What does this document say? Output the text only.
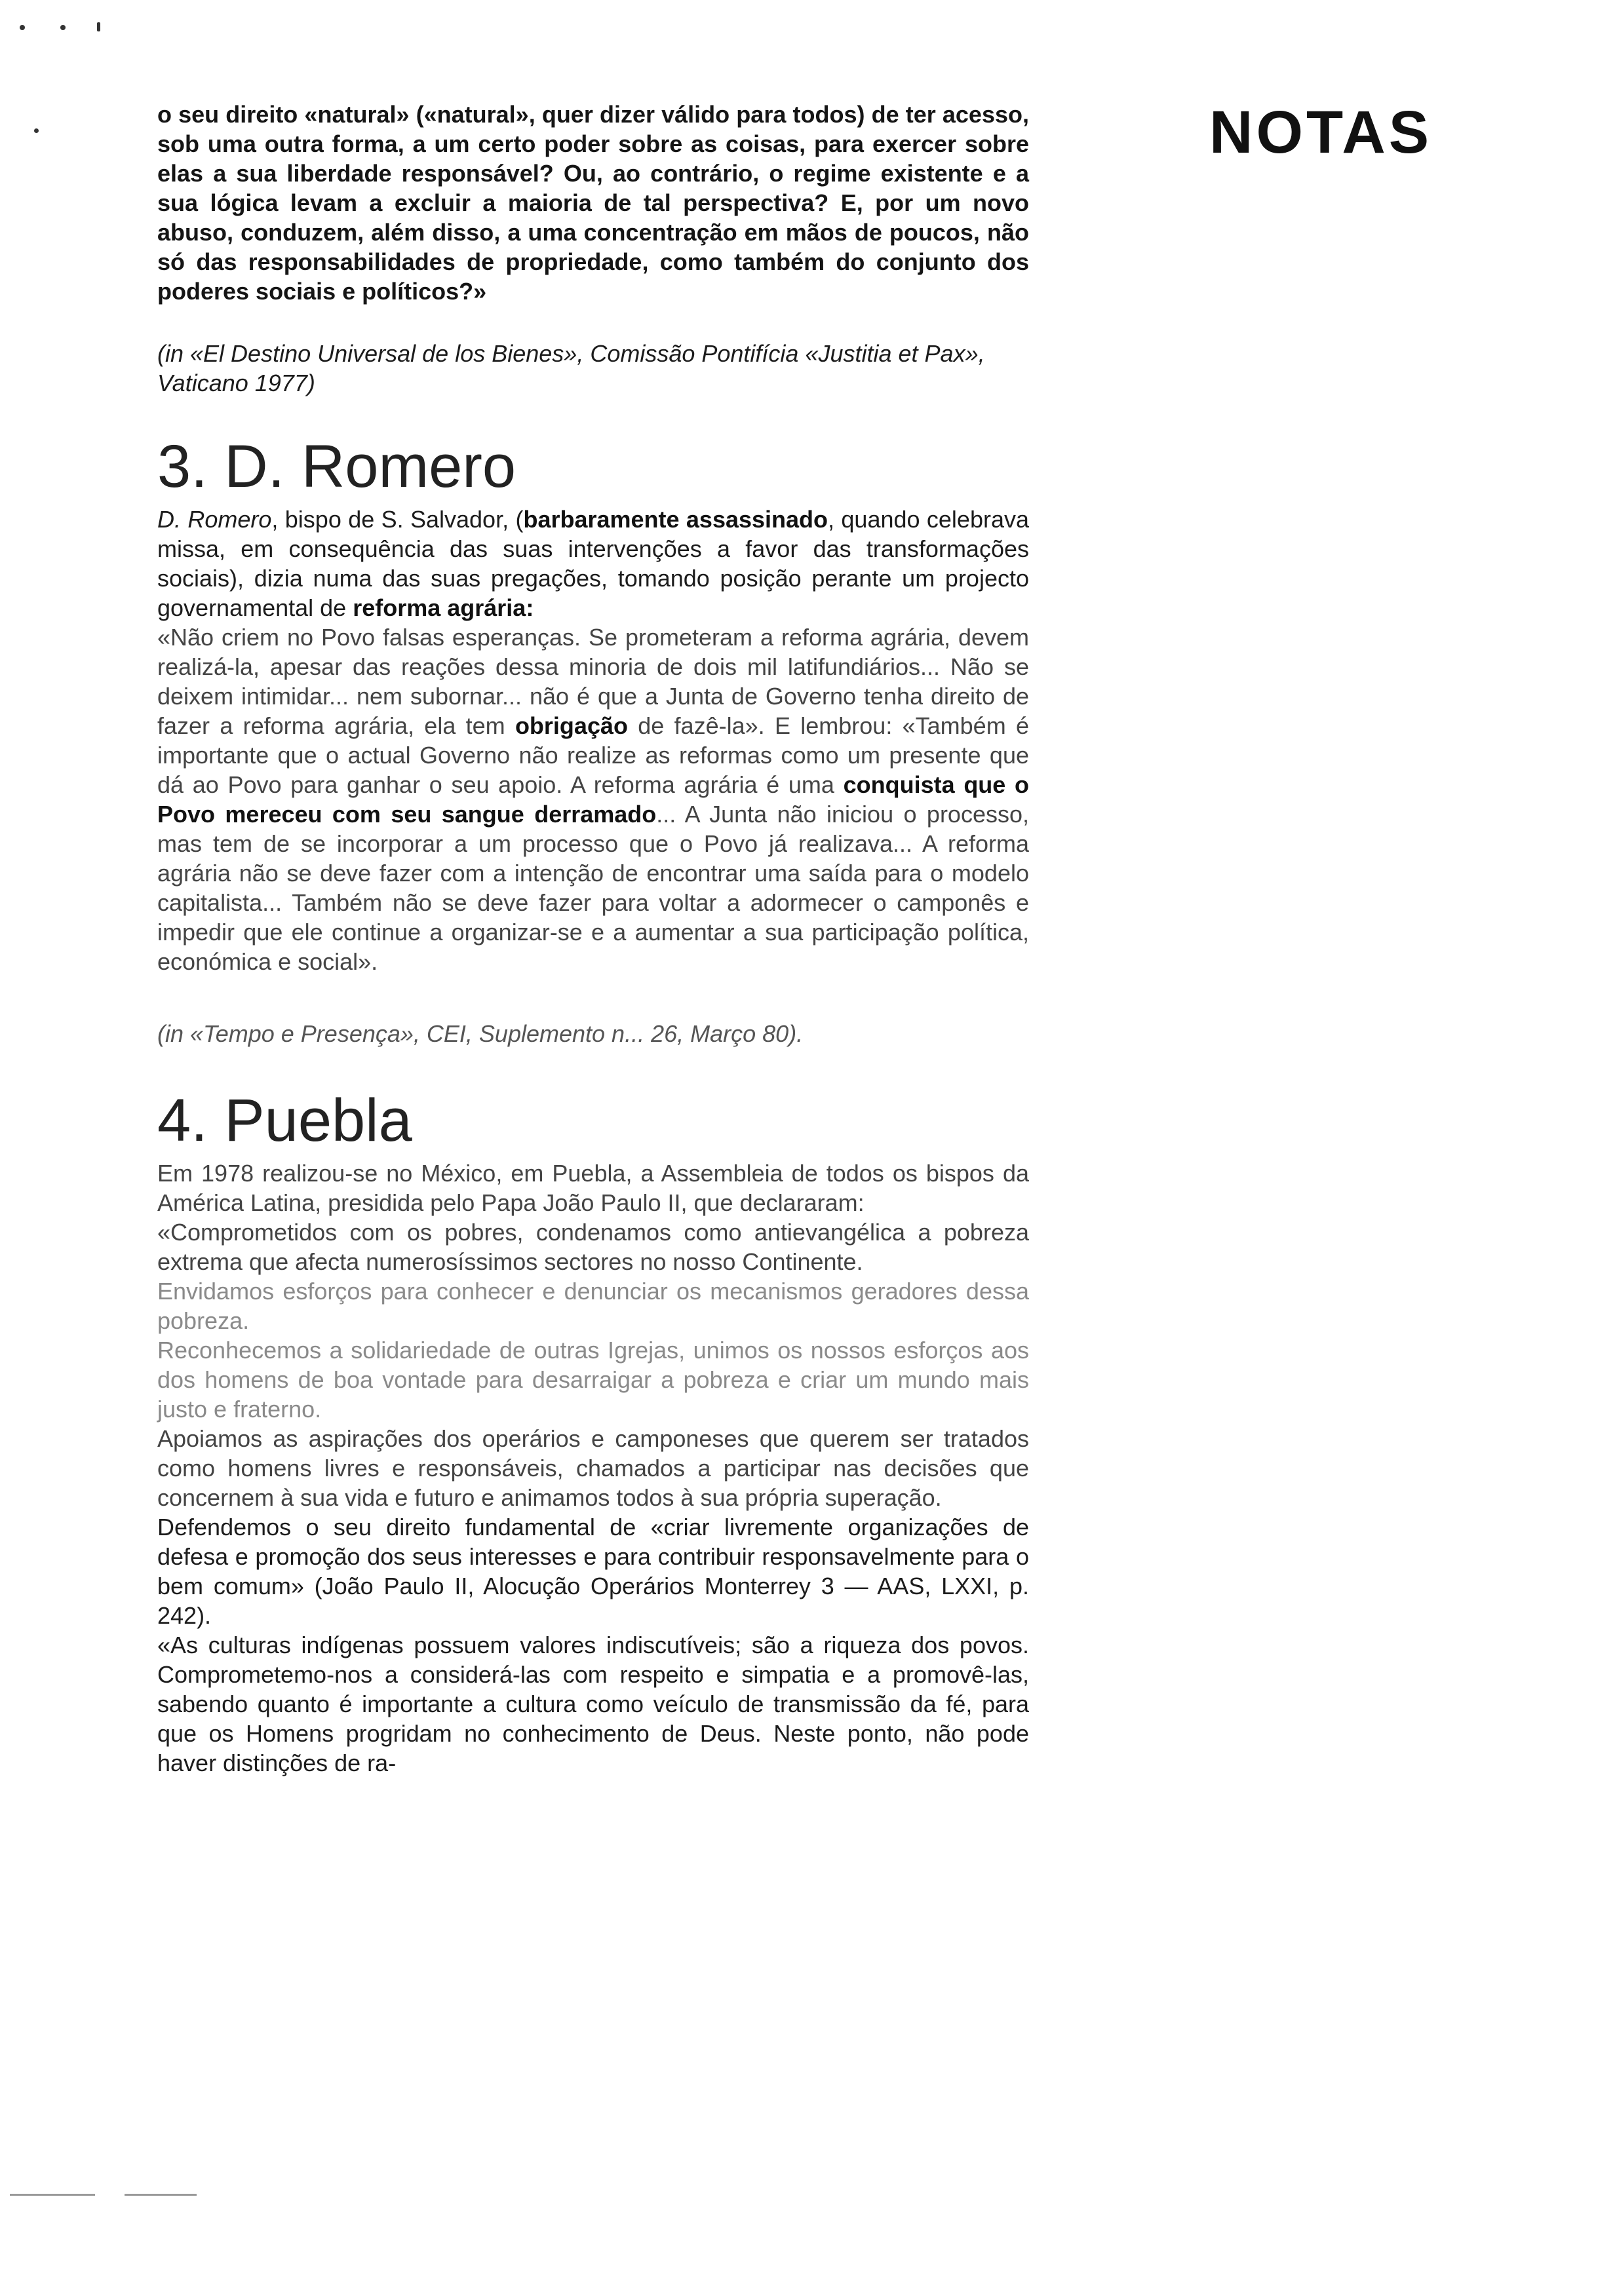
NOTAS

o seu direito «natural» («natural», quer dizer válido para todos) de ter acesso, sob uma outra forma, a um certo poder sobre as coisas, para exercer sobre elas a sua liberdade responsável? Ou, ao contrário, o regime existente e a sua lógica levam a excluir a maioria de tal perspectiva? E, por um novo abuso, conduzem, além disso, a uma concentração em mãos de poucos, não só das responsabilidades de propriedade, como também do conjunto dos poderes sociais e políticos?»

(in «El Destino Universal de los Bienes», Comissão Pontifícia «Justitia et Pax», Vaticano 1977)

3. D. Romero

D. Romero, bispo de S. Salvador, (barbaramente assassinado, quando celebrava missa, em consequência das suas intervenções a favor das transformações sociais), dizia numa das suas pregações, tomando posição perante um projecto governamental de reforma agrária:

«Não criem no Povo falsas esperanças. Se prometeram a reforma agrária, devem realizá-la, apesar das reações dessa minoria de dois mil latifundiários... Não se deixem intimidar... nem subornar... não é que a Junta de Governo tenha direito de fazer a reforma agrária, ela tem obrigação de fazê-la». E lembrou: «Também é importante que o actual Governo não realize as reformas como um presente que dá ao Povo para ganhar o seu apoio. A reforma agrária é uma conquista que o Povo mereceu com seu sangue derramado... A Junta não iniciou o processo, mas tem de se incorporar a um processo que o Povo já realizava... A reforma agrária não se deve fazer com a intenção de encontrar uma saída para o modelo capitalista... Também não se deve fazer para voltar a adormecer o camponês e impedir que ele continue a organizar-se e a aumentar a sua participação política, económica e social».

(in «Tempo e Presença», CEI, Suplemento n... 26, Março 80).

4. Puebla

Em 1978 realizou-se no México, em Puebla, a Assembleia de todos os bispos da América Latina, presidida pelo Papa João Paulo II, que declararam:

«Comprometidos com os pobres, condenamos como antievangélica a pobreza extrema que afecta numerosíssimos sectores no nosso Continente.

Envidamos esforços para conhecer e denunciar os mecanismos geradores dessa pobreza.

Reconhecemos a solidariedade de outras Igrejas, unimos os nossos esforços aos dos homens de boa vontade para desarraigar a pobreza e criar um mundo mais justo e fraterno.

Apoiamos as aspirações dos operários e camponeses que querem ser tratados como homens livres e responsáveis, chamados a participar nas decisões que concernem à sua vida e futuro e animamos todos à sua própria superação.

Defendemos o seu direito fundamental de «criar livremente organizações de defesa e promoção dos seus interesses e para contribuir responsavelmente para o bem comum» (João Paulo II, Alocução Operários Monterrey 3 — AAS, LXXI, p. 242).

«As culturas indígenas possuem valores indiscutíveis; são a riqueza dos povos. Comprometemo-nos a considerá-las com respeito e simpatia e a promovê-las, sabendo quanto é importante a cultura como veículo de transmissão da fé, para que os Homens progridam no conhecimento de Deus. Neste ponto, não pode haver distinções de ra-
